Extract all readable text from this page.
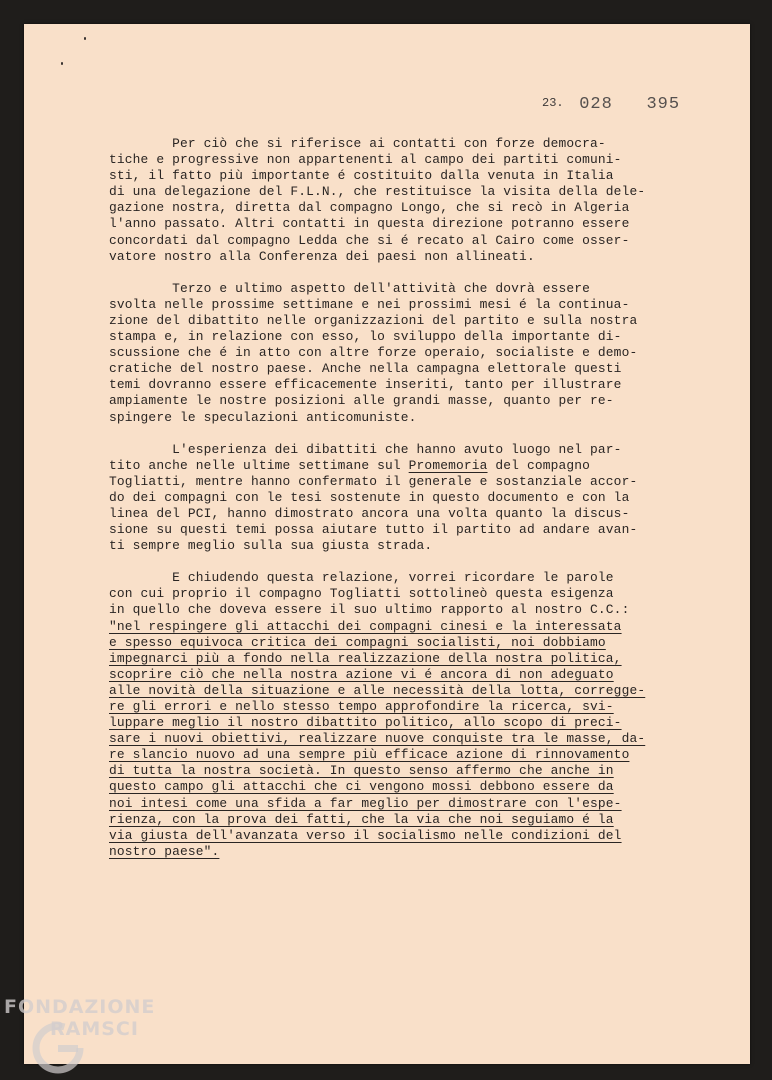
23. 028 395
Per ciò che si riferisce ai contatti con forze democra-
tiche e progressive non appartenenti al campo dei partiti comuni-
sti, il fatto più importante é costituito dalla venuta in Italia
di una delegazione del F.L.N., che restituisce la visita della dele-
gazione nostra, diretta dal compagno Longo, che si recò in Algeria
l'anno passato. Altri contatti in questa direzione potranno essere
concordati dal compagno Ledda che si é recato al Cairo come osser-
vatore nostro alla Conferenza dei paesi non allineati.
Terzo e ultimo aspetto dell'attività che dovrà essere
svolta nelle prossime settimane e nei prossimi mesi é la continua-
zione del dibattito nelle organizzazioni del partito e sulla nostra
stampa e, in relazione con esso, lo sviluppo della importante di-
scussione che é in atto con altre forze operaio, socialiste e demo-
cratiche del nostro paese. Anche nella campagna elettorale questi
temi dovranno essere efficacemente inseriti, tanto per illustrare
ampiamente le nostre posizioni alle grandi masse, quanto per re-
spingere le speculazioni anticomuniste.
L'esperienza dei dibattiti che hanno avuto luogo nel par-
tito anche nelle ultime settimane sul Promemoria del compagno
Togliatti, mentre hanno confermato il generale e sostanziale accor-
do dei compagni con le tesi sostenute in questo documento e con la
linea del PCI, hanno dimostrato ancora una volta quanto la discus-
sione su questi temi possa aiutare tutto il partito ad andare avan-
ti sempre meglio sulla sua giusta strada.
E chiudendo questa relazione, vorrei ricordare le parole
con cui proprio il compagno Togliatti sottolineò questa esigenza
in quello che doveva essere il suo ultimo rapporto al nostro C.C.:
"nel respingere gli attacchi dei compagni cinesi e la interessata
e spesso equivoca critica dei compagni socialisti, noi dobbiamo
impegnarci più a fondo nella realizzazione della nostra politica,
scoprire ciò che nella nostra azione vi é ancora di non adeguato
alle novità della situazione e alle necessità della lotta, corregge-
re gli errori e nello stesso tempo approfondire la ricerca, svi-
luppare meglio il nostro dibattito politico, allo scopo di preci-
sare i nuovi obiettivi, realizzare nuove conquiste tra le masse, da-
re slancio nuovo ad una sempre più efficace azione di rinnovamento
di tutta la nostra società. In questo senso affermo che anche in
questo campo gli attacchi che ci vengono mossi debbono essere da
noi intesi come una sfida a far meglio per dimostrare con l'espe-
rienza, con la prova dei fatti, che la via che noi seguiamo é la
via giusta dell'avanzata verso il socialismo nelle condizioni del
nostro paese".
FONDAZIONE
RAMSCI
